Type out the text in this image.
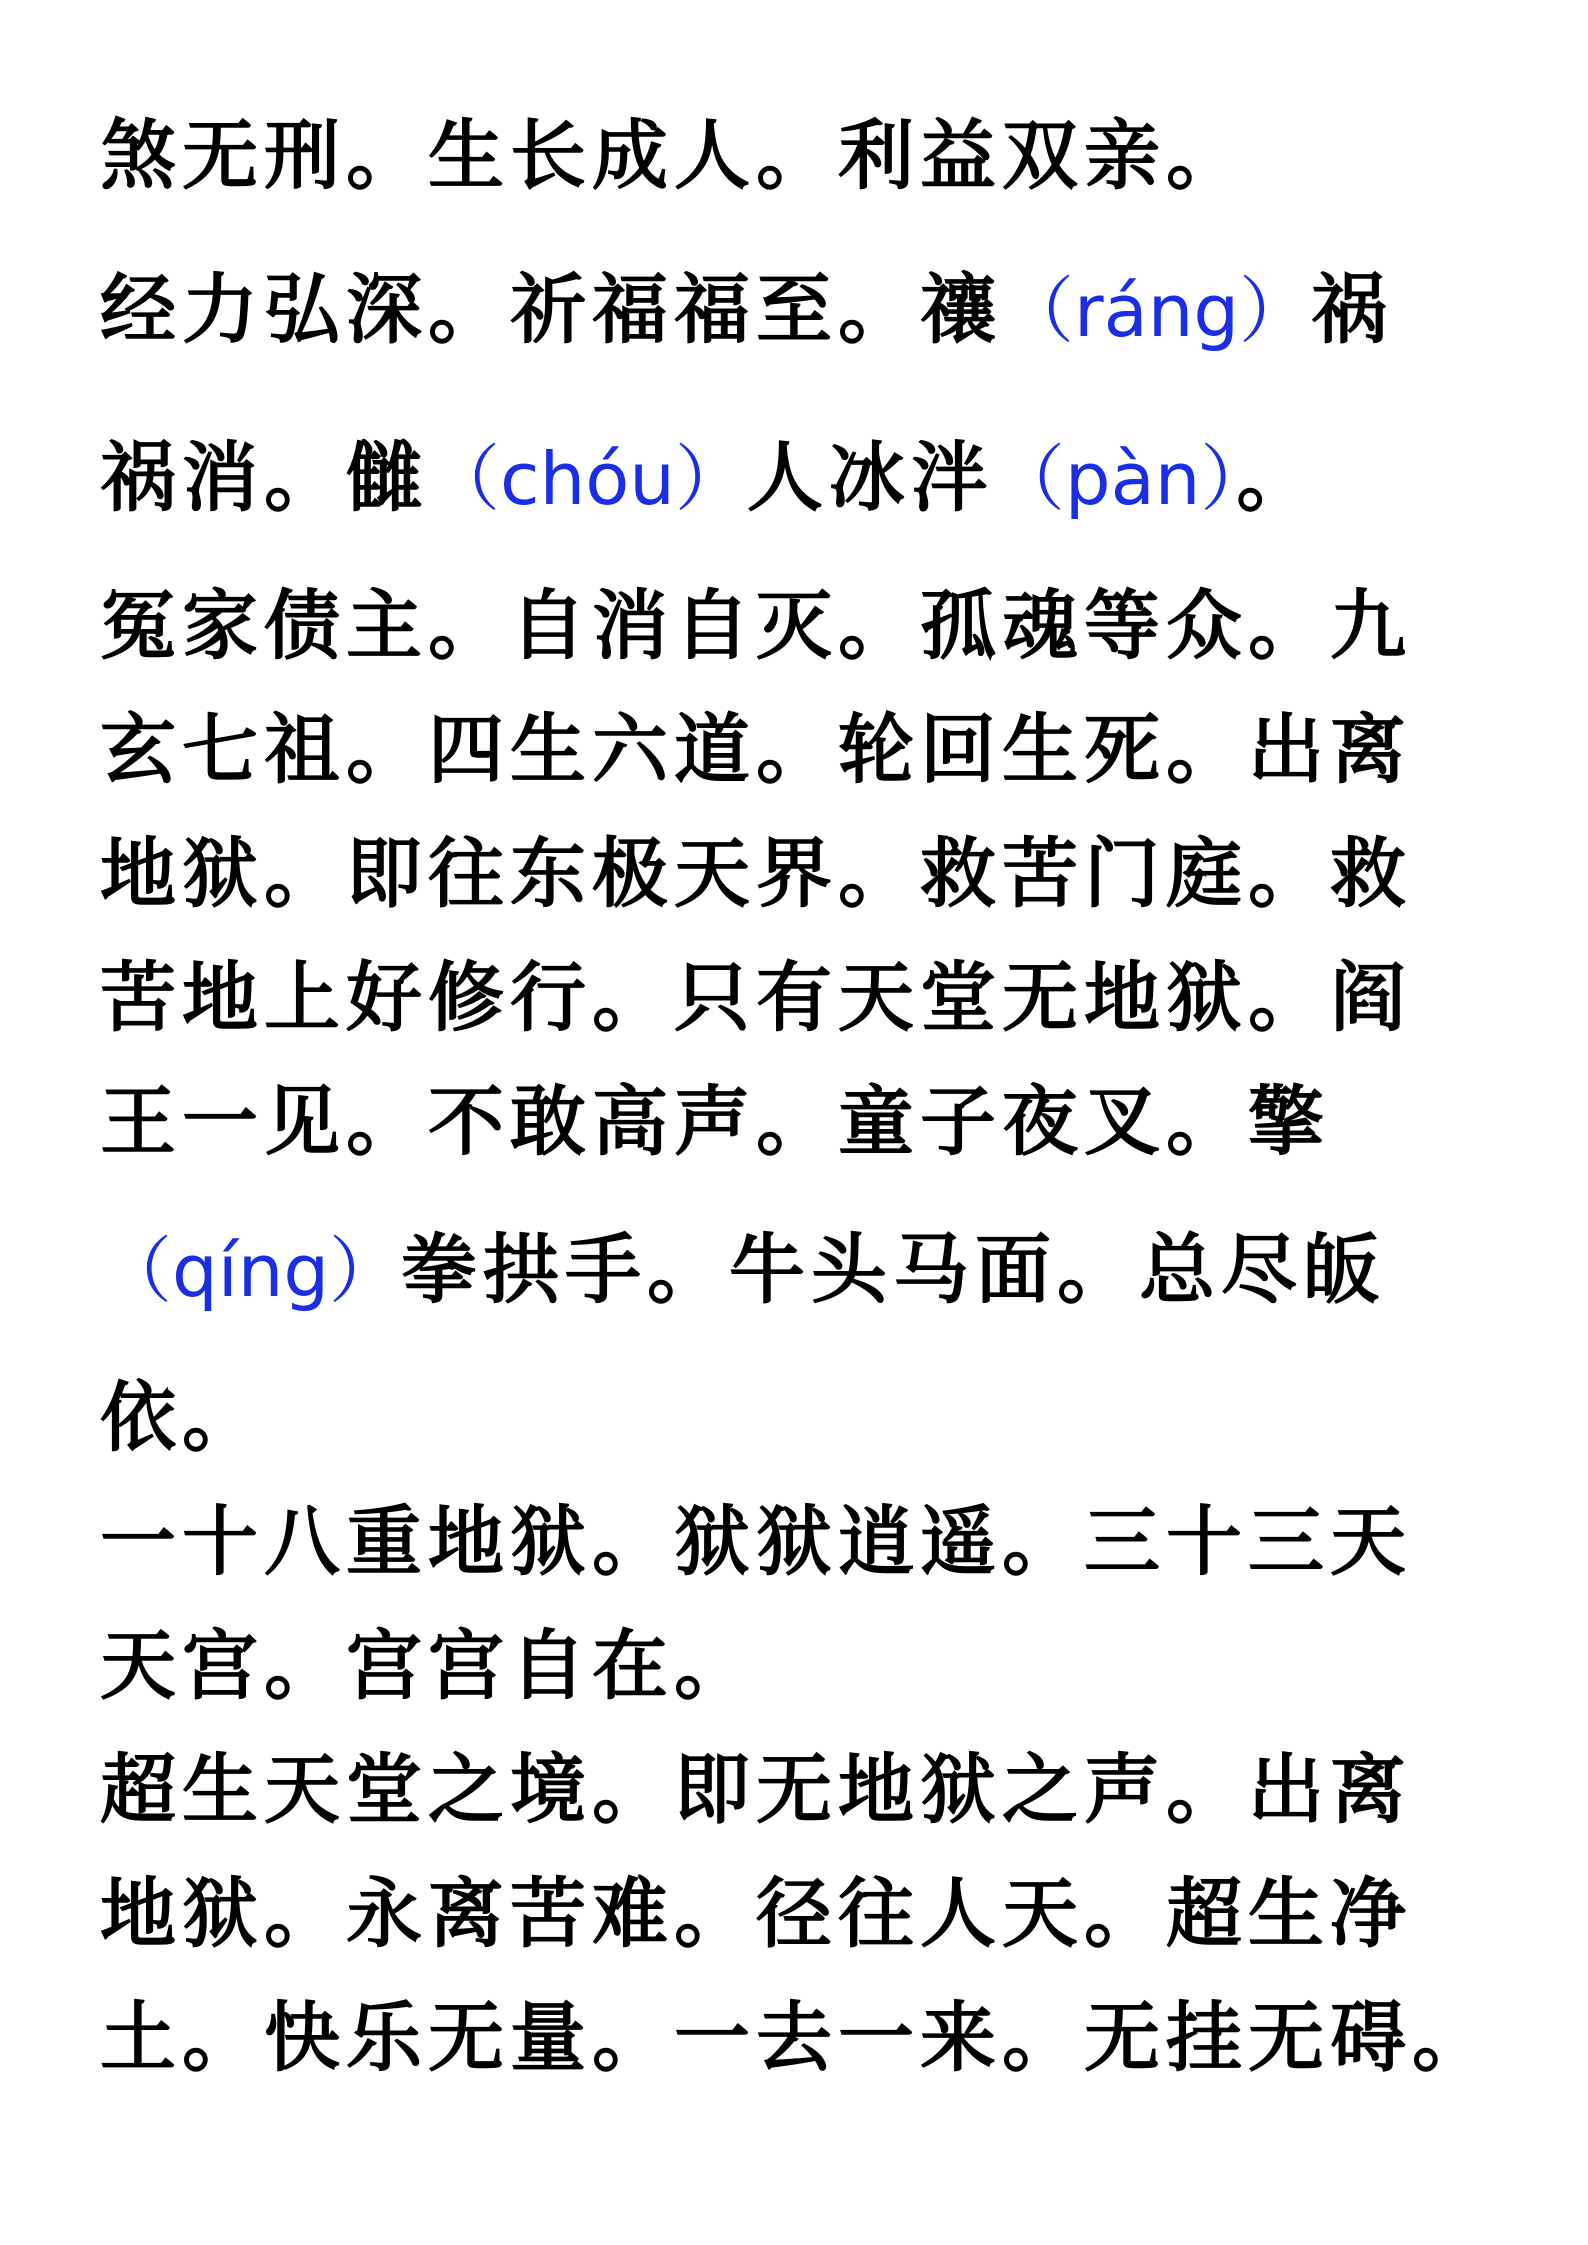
煞无刑。生长成人。利益双亲。
经力弘深。祈福福至。禳（ráng）祸
祸消。雠（chóu）人冰泮（pàn）。
冤家债主。自消自灭。孤魂等众。九
玄七祖。四生六道。轮回生死。出离
地狱。即往东极天界。救苦门庭。救
苦地上好修行。只有天堂无地狱。阎
王一见。不敢高声。童子夜叉。擎
（qíng）拳拱手。牛头马面。总尽皈
依。
一十八重地狱。狱狱逍遥。三十三天
天宫。宫宫自在。
超生天堂之境。即无地狱之声。出离
地狱。永离苦难。径往人天。超生净
土。快乐无量。一去一来。无挂无碍。
